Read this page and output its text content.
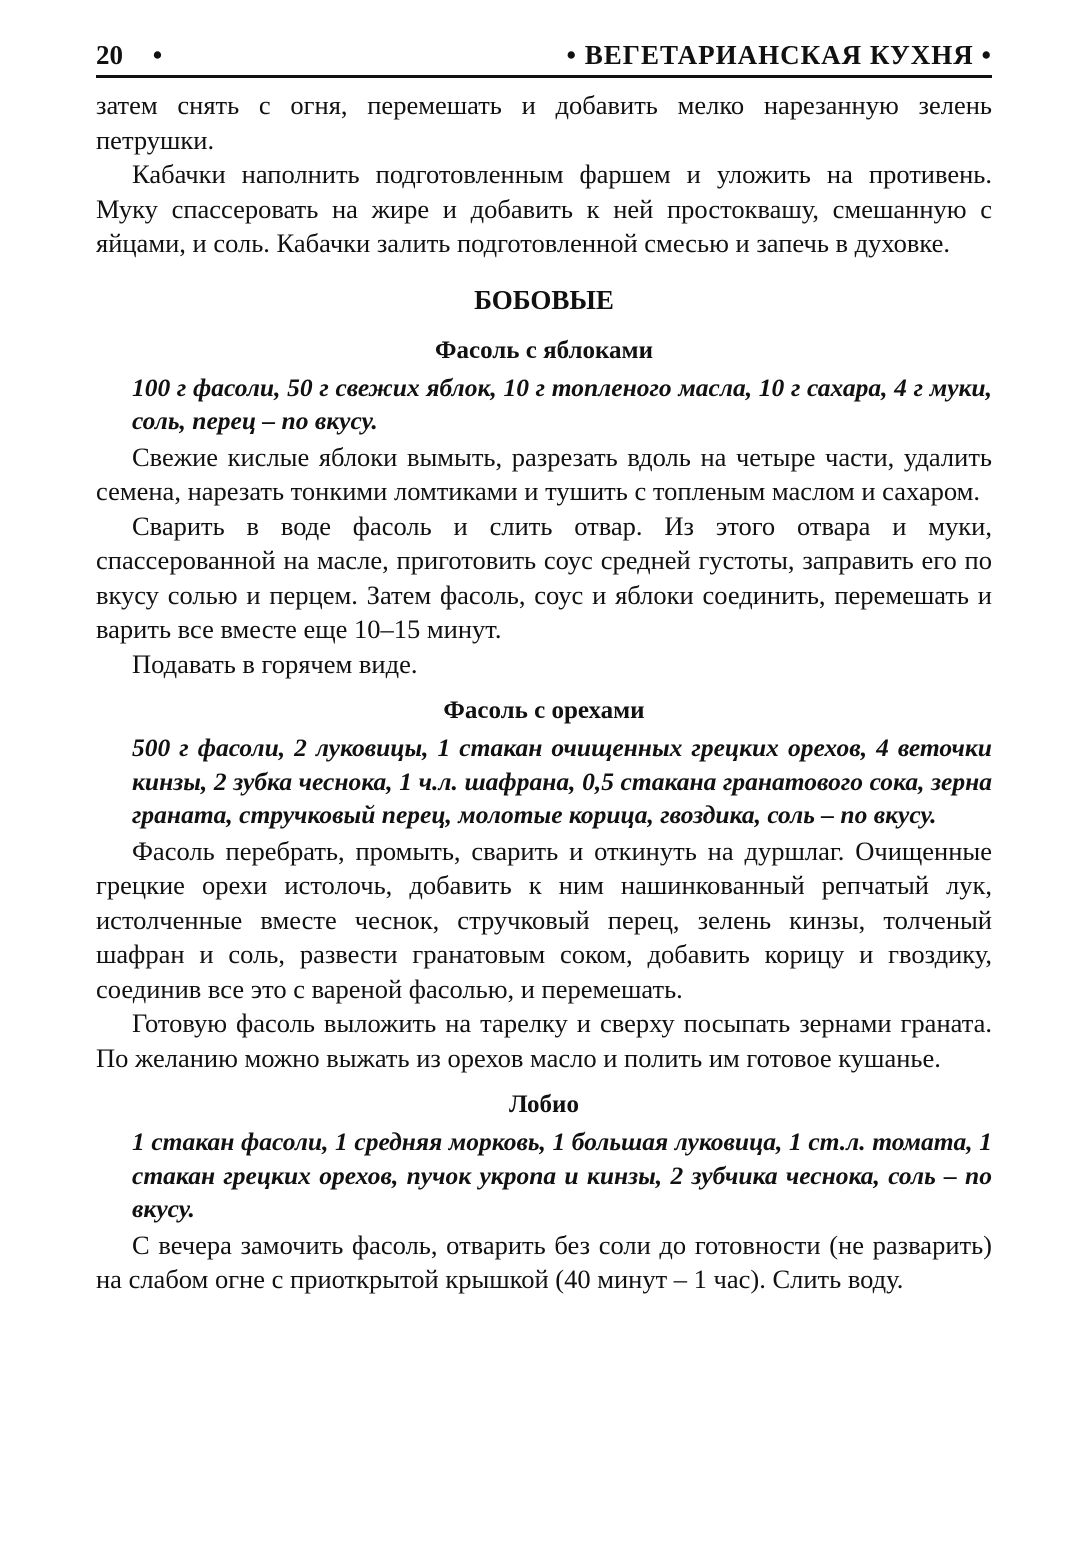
20 •	• ВЕГЕТАРИАНСКАЯ КУХНЯ •

затем снять с огня, перемешать и добавить мелко нарезанную зелень петрушки.

Кабачки наполнить подготовленным фаршем и уложить на противень. Муку спассеровать на жире и добавить к ней простоквашу, смешанную с яйцами, и соль. Кабачки залить подготовленной смесью и запечь в духовке.

БОБОВЫЕ
Фасоль с яблоками

100 г фасоли, 50 г свежих яблок, 10 г топленого масла, 10 г сахара, 4 г муки, соль, перец – по вкусу.

Свежие кислые яблоки вымыть, разрезать вдоль на четыре части, удалить семена, нарезать тонкими ломтиками и тушить с топленым маслом и сахаром.

Сварить в воде фасоль и слить отвар. Из этого отвара и муки, спассерованной на масле, приготовить соус средней густоты, заправить его по вкусу солью и перцем. Затем фасоль, соус и яблоки соединить, перемешать и варить все вместе еще 10–15 минут.

Подавать в горячем виде.

Фасоль с орехами

500 г фасоли, 2 луковицы, 1 стакан очищенных грецких орехов, 4 веточки кинзы, 2 зубка чеснока, 1 ч.л. шафрана, 0,5 стакана гранатового сока, зерна граната, стручковый перец, молотые корица, гвоздика, соль – по вкусу.

Фасоль перебрать, промыть, сварить и откинуть на дуршлаг. Очищенные грецкие орехи истолочь, добавить к ним нашинкованный репчатый лук, истолченные вместе чеснок, стручковый перец, зелень кинзы, толченый шафран и соль, развести гранатовым соком, добавить корицу и гвоздику, соединив все это с вареной фасолью, и перемешать.

Готовую фасоль выложить на тарелку и сверху посыпать зернами граната. По желанию можно выжать из орехов масло и полить им готовое кушанье.

Лобио

1 стакан фасоли, 1 средняя морковь, 1 большая луковица, 1 ст.л. томата, 1 стакан грецких орехов, пучок укропа и кинзы, 2 зубчика чеснока, соль – по вкусу.

С вечера замочить фасоль, отварить без соли до готовности (не разварить) на слабом огне с приоткрытой крышкой (40 минут – 1 час). Слить воду.
